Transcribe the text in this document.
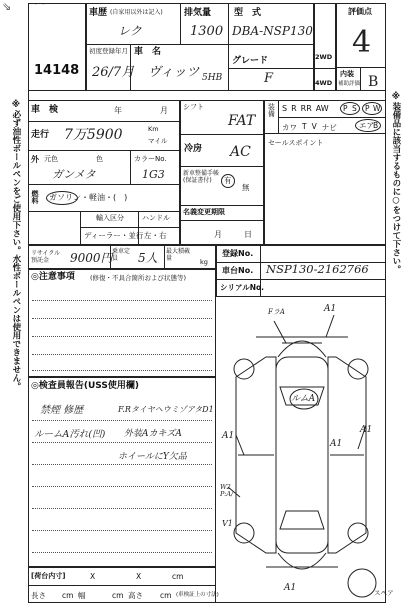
⇘	⌒
※必ず油性ボールペンをご使用下さい。水性ボールペンは使用できません。	※装備品に該当するものに○をつけて下さい。
14148
車歴 (自家用以外は記入)
レク
排気量
1300
型　式
DBA-NSP130
初度登録年月
26/7月
車　名
ヴィッツ 5HB
グレード
F
2WD
4WD
評価点
4
内装
補助評価 B
車　検	年	月
走行 7万5900	Km
マイル
外 元色	色
ガンメタ
カラーNo.
1G3
燃料 ガソリン・軽油・(　)
輸入区分	ハンドル
ディーラー・並行 左・右
リサイクル預託金	9000円 乗車定員	5人 最大積載量	kg
シフト
FAT
冷房 AC
新車整備手帳(保証書付)	有
無
名義変更期限
月	日
装備 S R RR AW P S P W
カワ T V ナビ	エア B
セールスポイント
登録No.
車台No. NSP130-2162766
シリアルNo.
◎注意事項 (修復・不具合箇所および状態等)
◎検査員報告(USS使用欄)
禁煙 修歴	F.RタイヤヘウミゾアタD1
ルームA汚れ(凹) 外装AカキズA
ホイールにY欠品
FラA	A1
ルムA
A1
A1
A1
W2 P:A/
V1
A1	スペア
[荷台内寸]	X	X	cm
長さ cm 幅	cm 高さ cm (車検証上の寸法)
